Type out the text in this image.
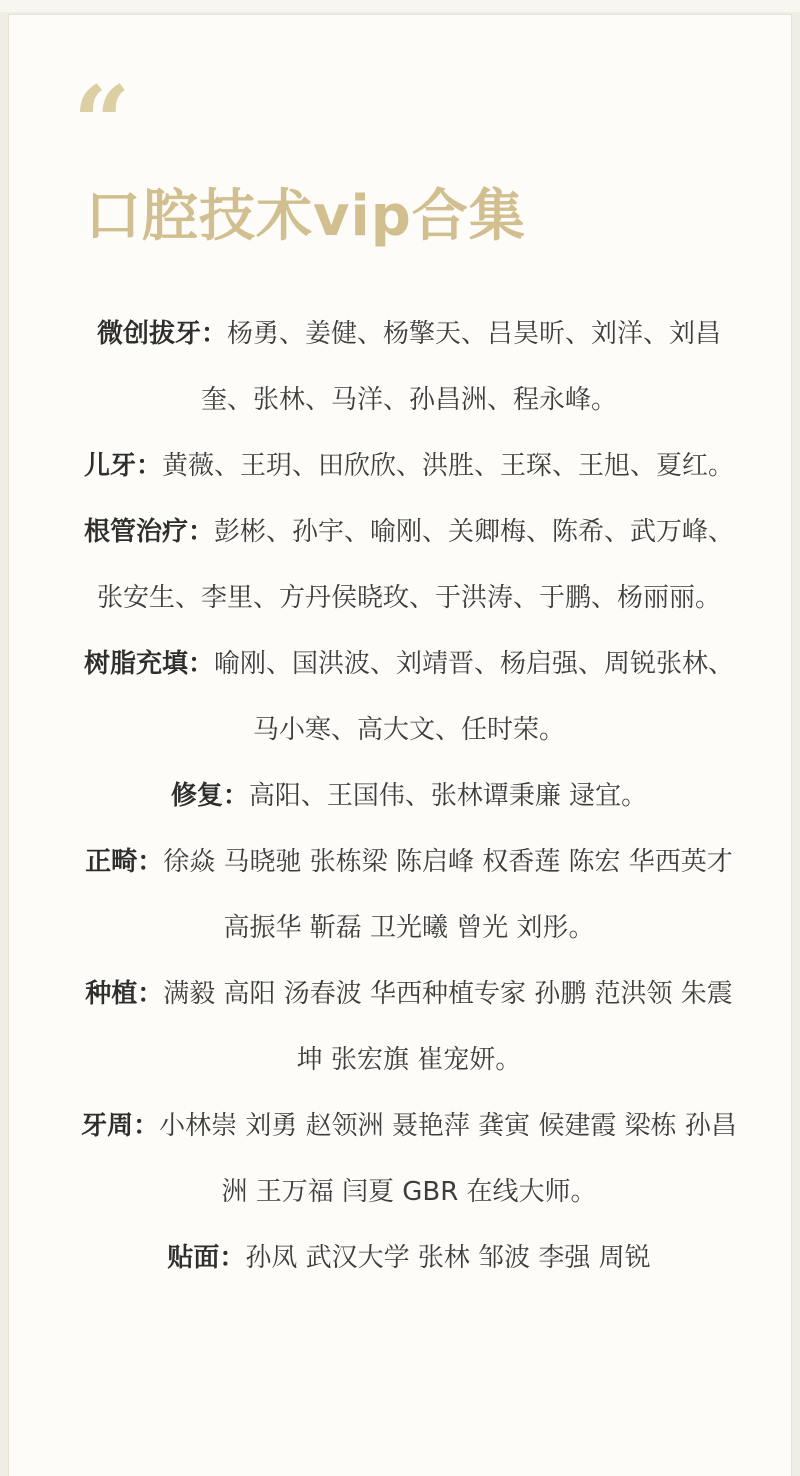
“
口腔技术vip合集

微创拔牙：杨勇、姜健、杨擎天、吕昊昕、刘洋、刘昌奎、张林、马洋、孙昌洲、程永峰。

儿牙：黄薇、王玥、田欣欣、洪胜、王琛、王旭、夏红。

根管治疗：彭彬、孙宇、喻刚、关卿梅、陈希、武万峰、张安生、李里、方丹侯晓玫、于洪涛、于鹏、杨丽丽。

树脂充填：喻刚、国洪波、刘靖晋、杨启强、周锐张林、马小寒、高大文、任时荣。

修复：高阳、王国伟、张林谭秉廉 逯宜。

正畸：徐焱 马晓驰 张栋梁 陈启峰 权香莲 陈宏 华西英才 高振华 靳磊 卫光曦 曾光 刘彤。

种植：满毅 高阳 汤春波 华西种植专家 孙鹏 范洪领 朱震坤 张宏旗 崔宠妍。

牙周：小林崇 刘勇 赵领洲 聂艳萍 龚寅 候建霞 梁栋 孙昌洲 王万福 闫夏 GBR 在线大师。

贴面：孙凤 武汉大学 张林 邹波 李强 周锐
